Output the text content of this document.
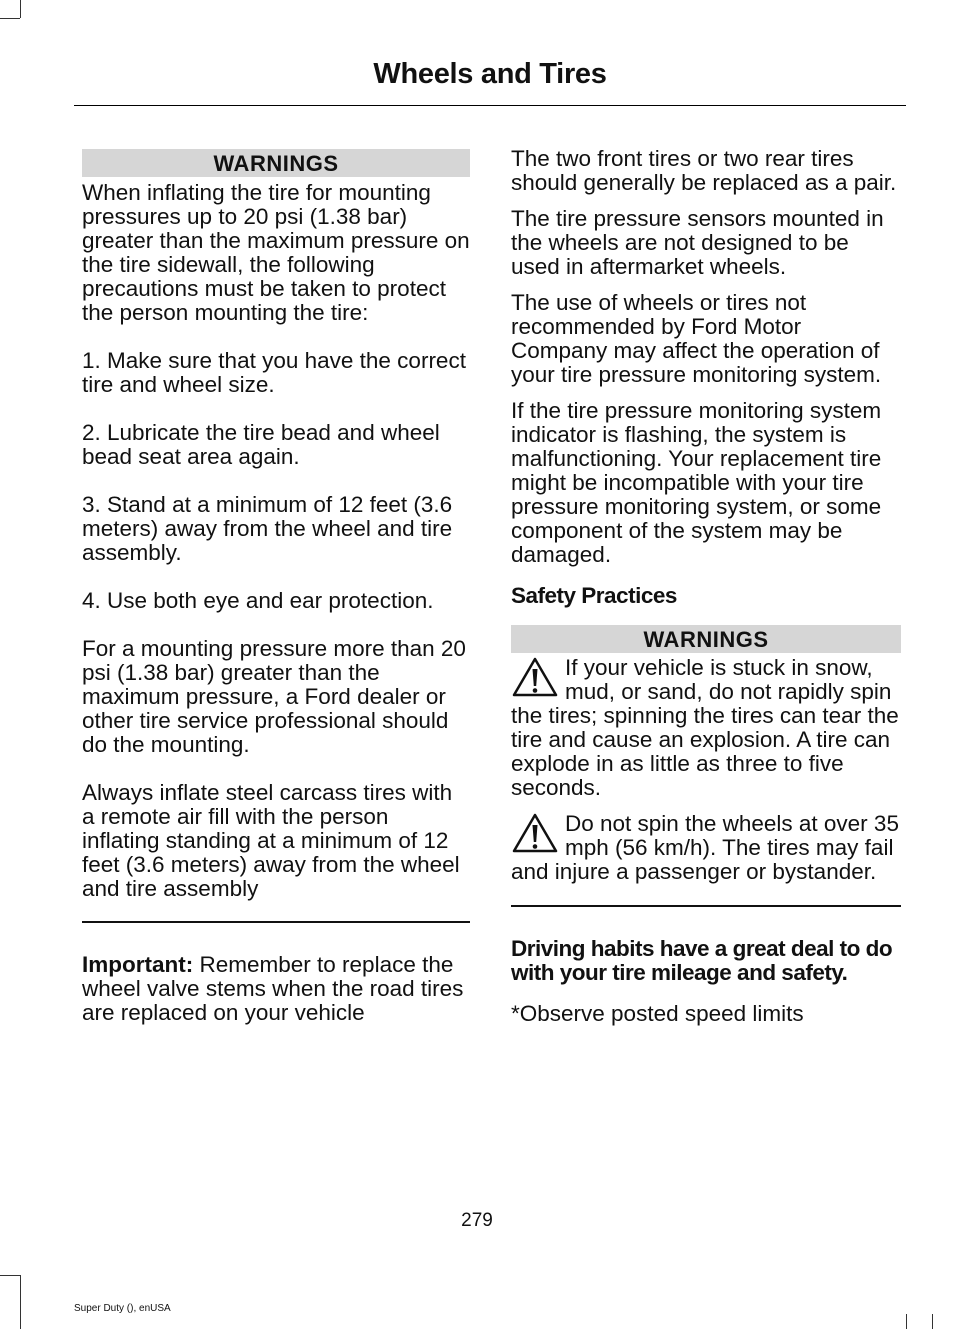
Wheels and Tires
WARNINGS

When inflating the tire for mounting pressures up to 20 psi (1.38 bar) greater than the maximum pressure on the tire sidewall, the following precautions must be taken to protect the person mounting the tire:

1. Make sure that you have the correct tire and wheel size.

2. Lubricate the tire bead and wheel bead seat area again.

3. Stand at a minimum of 12 feet (3.6 meters) away from the wheel and tire assembly.

4. Use both eye and ear protection.

For a mounting pressure more than 20 psi (1.38 bar) greater than the maximum pressure, a Ford dealer or other tire service professional should do the mounting.

Always inflate steel carcass tires with a remote air fill with the person inflating standing at a minimum of 12 feet (3.6 meters) away from the wheel and tire assembly

Important: Remember to replace the wheel valve stems when the road tires are replaced on your vehicle

The two front tires or two rear tires should generally be replaced as a pair.

The tire pressure sensors mounted in the wheels are not designed to be used in aftermarket wheels.

The use of wheels or tires not recommended by Ford Motor Company may affect the operation of your tire pressure monitoring system.

If the tire pressure monitoring system indicator is flashing, the system is malfunctioning. Your replacement tire might be incompatible with your tire pressure monitoring system, or some component of the system may be damaged.

Safety Practices

WARNINGS
If your vehicle is stuck in snow, mud, or sand, do not rapidly spin the tires; spinning the tires can tear the tire and cause an explosion. A tire can explode in as little as three to five seconds.
Do not spin the wheels at over 35 mph (56 km/h). The tires may fail and injure a passenger or bystander.

Driving habits have a great deal to do with your tire mileage and safety.

*Observe posted speed limits

279
Super Duty (), enUSA
